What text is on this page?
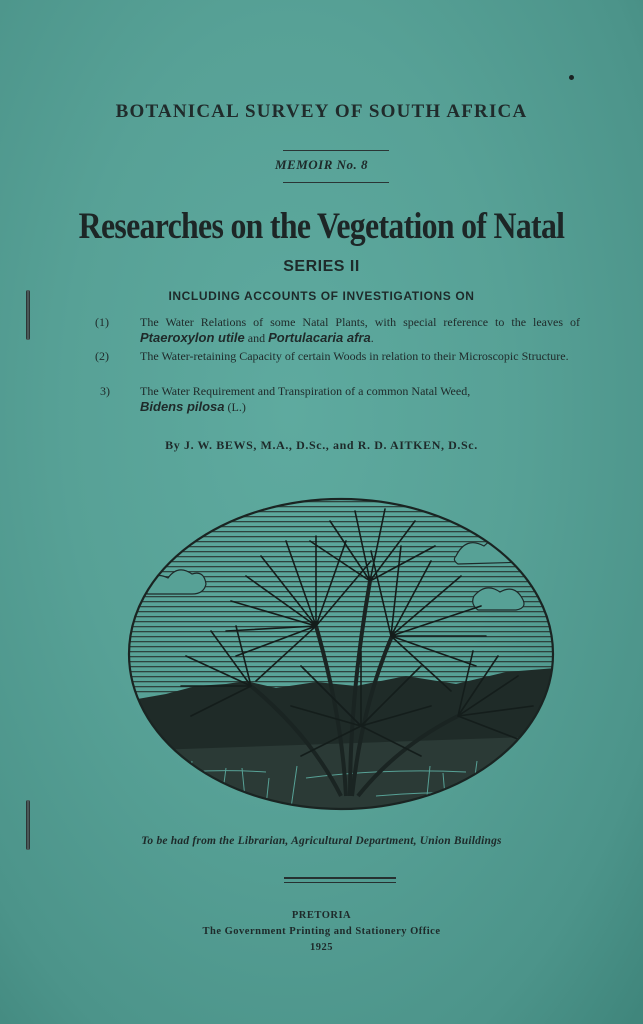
BOTANICAL SURVEY OF SOUTH AFRICA
MEMOIR No. 8
Researches on the Vegetation of Natal
SERIES II
INCLUDING ACCOUNTS OF INVESTIGATIONS ON
(1)	The Water Relations of some Natal Plants, with special reference to the leaves of Ptaeroxylon utile and Portulacaria afra.
(2)	The Water-retaining Capacity of certain Woods in relation to their Microscopic Structure.
3)	The Water Requirement and Transpiration of a common Natal Weed,
Bidens pilosa (L.)
By J. W. BEWS, M.A., D.Sc., and R. D. AITKEN, D.Sc.
To be had from the Librarian, Agricultural Department, Union Buildings
PRETORIA
The Government Printing and Stationery Office
1925
